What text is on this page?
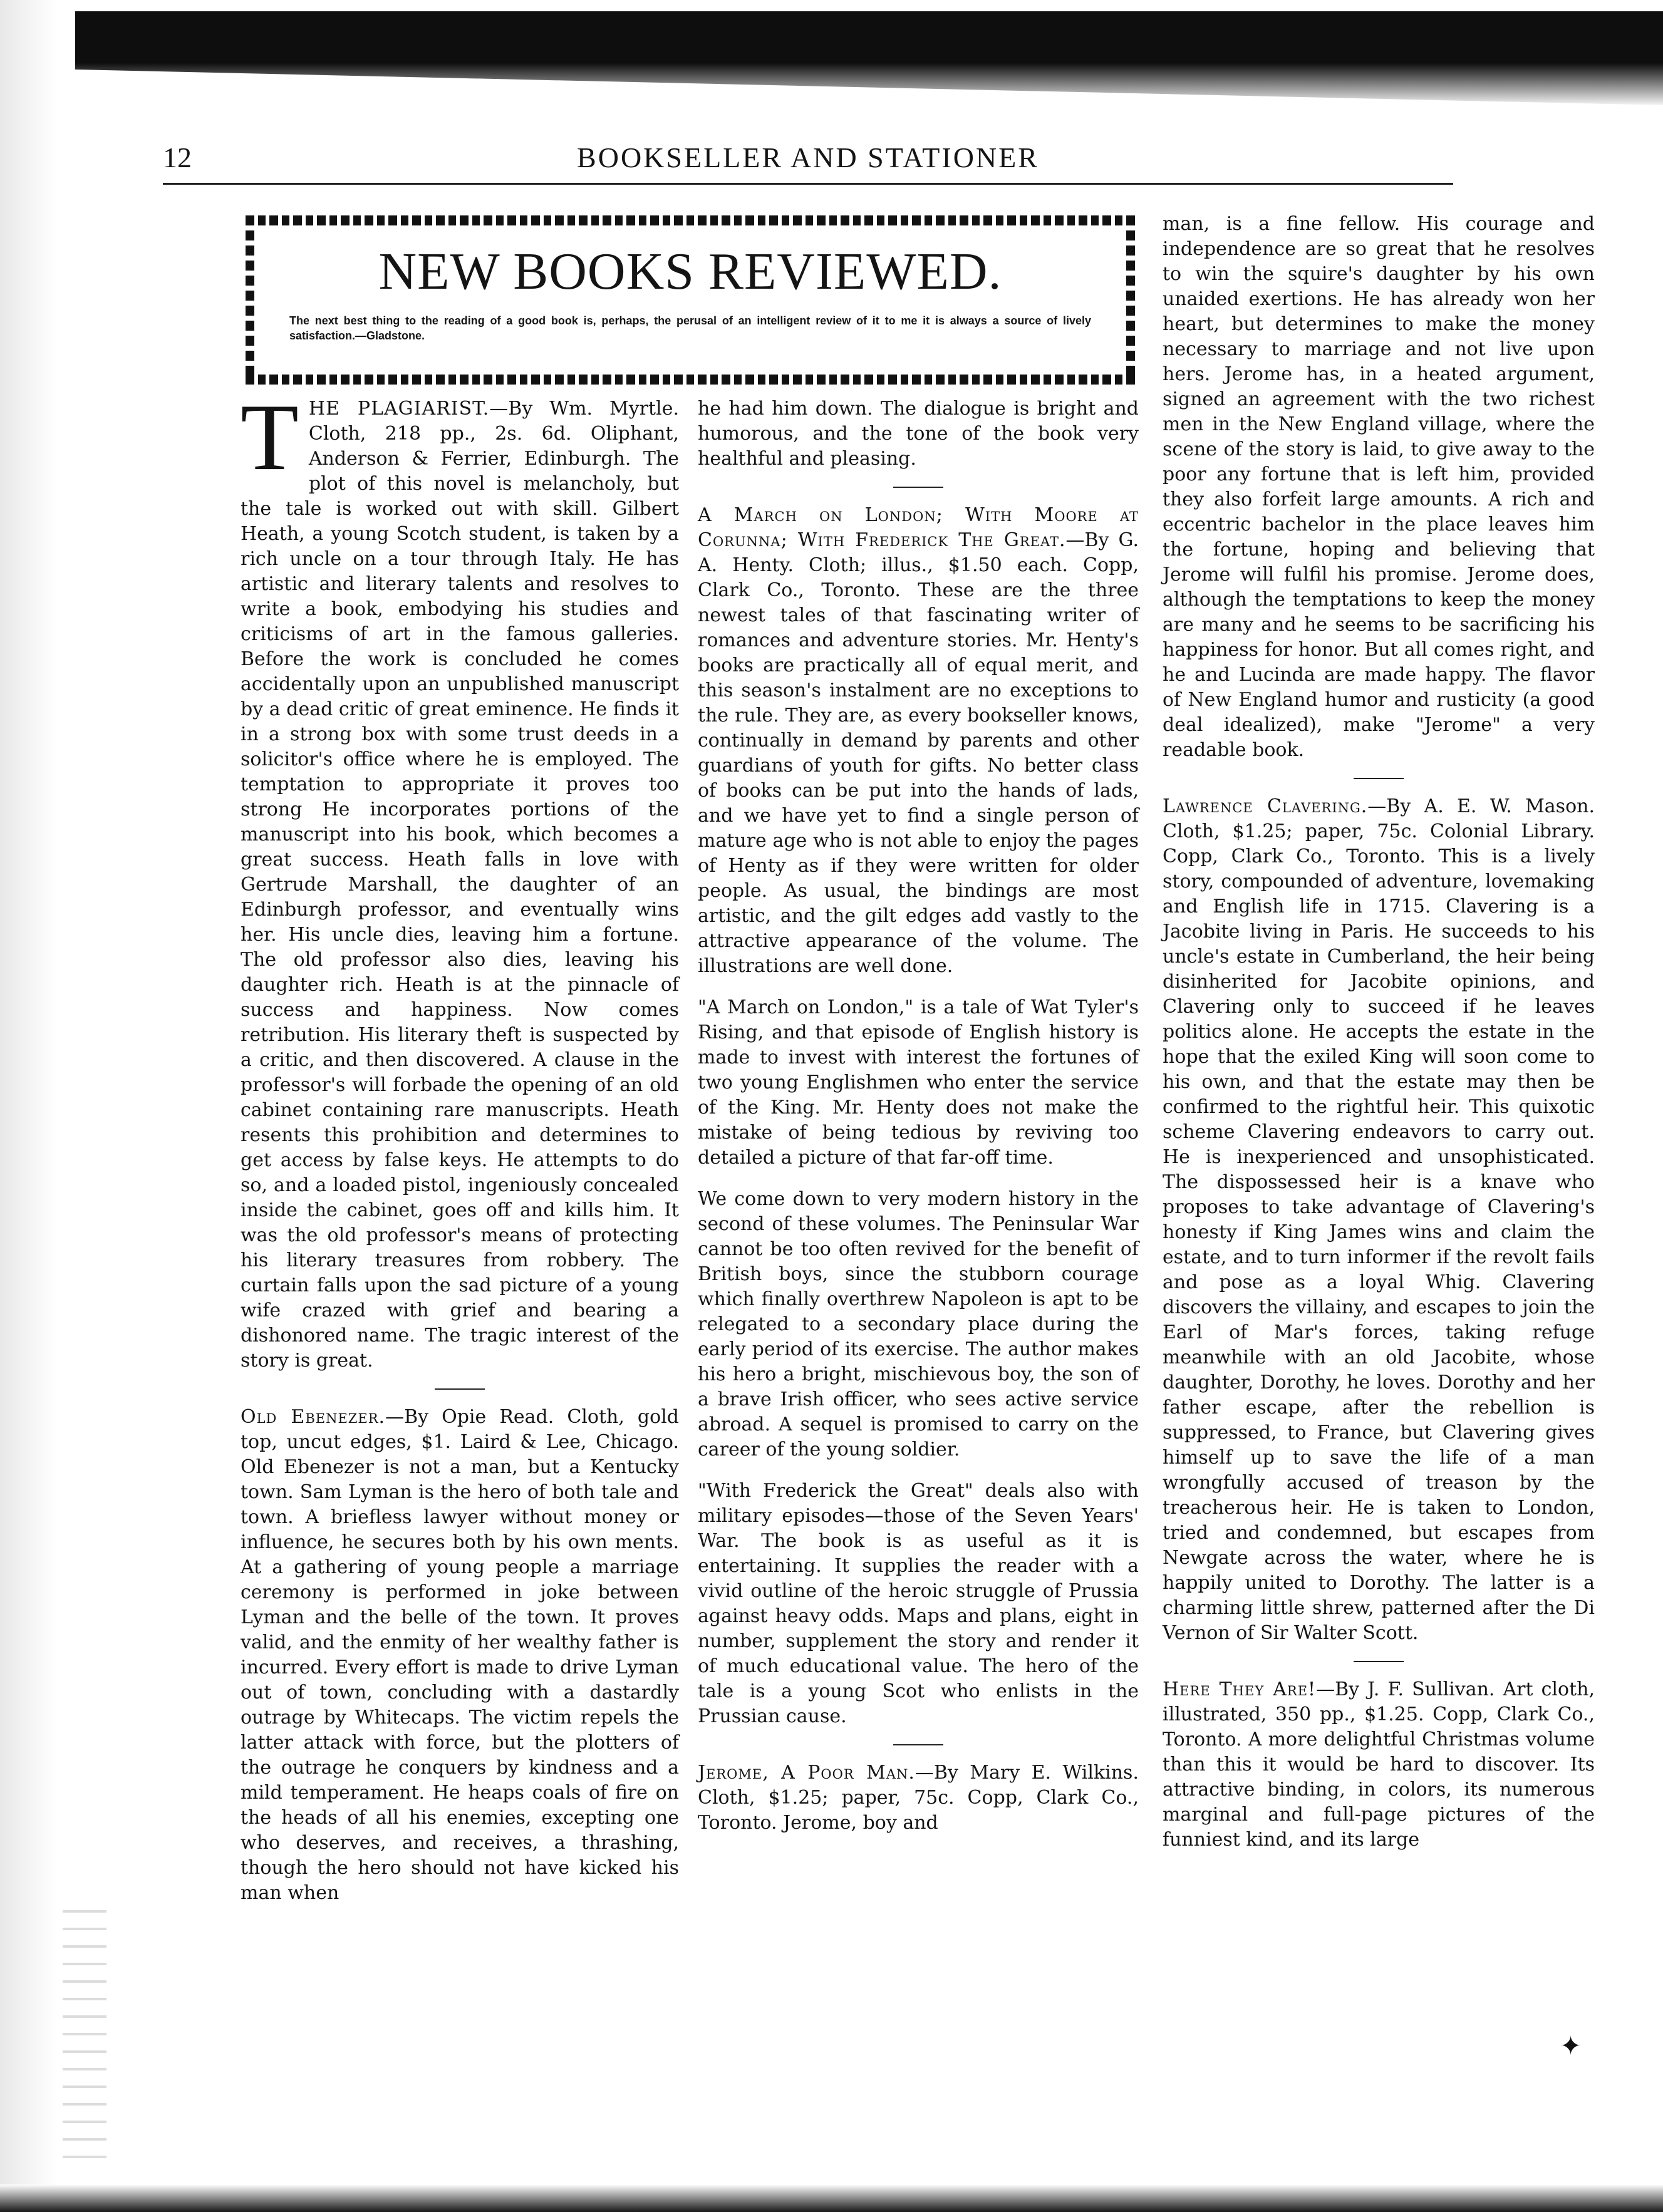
12	BOOKSELLER AND STATIONER
NEW BOOKS REVIEWED.
The next best thing to the reading of a good book is, perhaps, the perusal of an intelligent review of it to me it is always a source of lively satisfaction.—Gladstone.

THE PLAGIARIST.—By Wm. Myrtle. Cloth, 218 pp., 2s. 6d. Oliphant, Anderson & Ferrier, Edinburgh. The plot of this novel is melancholy, but the tale is worked out with skill. Gilbert Heath, a young Scotch student, is taken by a rich uncle on a tour through Italy. He has artistic and literary talents and resolves to write a book, embodying his studies and criticisms of art in the famous galleries. Before the work is concluded he comes accidentally upon an unpublished manuscript by a dead critic of great eminence. He finds it in a strong box with some trust deeds in a solicitor's office where he is employed. The temptation to appropriate it proves too strong He incorporates portions of the manuscript into his book, which becomes a great success. Heath falls in love with Gertrude Marshall, the daughter of an Edinburgh professor, and eventually wins her. His uncle dies, leaving him a fortune. The old professor also dies, leaving his daughter rich. Heath is at the pinnacle of success and happiness. Now comes retribution. His literary theft is suspected by a critic, and then discovered. A clause in the professor's will forbade the opening of an old cabinet containing rare manuscripts. Heath resents this prohibition and determines to get access by false keys. He attempts to do so, and a loaded pistol, ingeniously concealed inside the cabinet, goes off and kills him. It was the old professor's means of protecting his literary treasures from robbery. The curtain falls upon the sad picture of a young wife crazed with grief and bearing a dishonored name. The tragic interest of the story is great.

Old Ebenezer.—By Opie Read. Cloth, gold top, uncut edges, $1. Laird & Lee, Chicago. Old Ebenezer is not a man, but a Kentucky town. Sam Lyman is the hero of both tale and town. A briefless lawyer without money or influence, he secures both by his own ments. At a gathering of young people a marriage ceremony is performed in joke between Lyman and the belle of the town. It proves valid, and the enmity of her wealthy father is incurred. Every effort is made to drive Lyman out of town, concluding with a dastardly outrage by Whitecaps. The victim repels the latter attack with force, but the plotters of the outrage he conquers by kindness and a mild temperament. He heaps coals of fire on the heads of all his enemies, excepting one who deserves, and receives, a thrashing, though the hero should not have kicked his man when

he had him down. The dialogue is bright and humorous, and the tone of the book very healthful and pleasing.

A March on London; With Moore at Corunna; With Frederick The Great.—By G. A. Henty. Cloth; illus., $1.50 each. Copp, Clark Co., Toronto. These are the three newest tales of that fascinating writer of romances and adventure stories. Mr. Henty's books are practically all of equal merit, and this season's instalment are no exceptions to the rule. They are, as every bookseller knows, continually in demand by parents and other guardians of youth for gifts. No better class of books can be put into the hands of lads, and we have yet to find a single person of mature age who is not able to enjoy the pages of Henty as if they were written for older people. As usual, the bindings are most artistic, and the gilt edges add vastly to the attractive appearance of the volume. The illustrations are well done.

"A March on London," is a tale of Wat Tyler's Rising, and that episode of English history is made to invest with interest the fortunes of two young Englishmen who enter the service of the King. Mr. Henty does not make the mistake of being tedious by reviving too detailed a picture of that far-off time.

We come down to very modern history in the second of these volumes. The Peninsular War cannot be too often revived for the benefit of British boys, since the stubborn courage which finally overthrew Napoleon is apt to be relegated to a secondary place during the early period of its exercise. The author makes his hero a bright, mischievous boy, the son of a brave Irish officer, who sees active service abroad. A sequel is promised to carry on the career of the young soldier.

"With Frederick the Great" deals also with military episodes—those of the Seven Years' War. The book is as useful as it is entertaining. It supplies the reader with a vivid outline of the heroic struggle of Prussia against heavy odds. Maps and plans, eight in number, supplement the story and render it of much educational value. The hero of the tale is a young Scot who enlists in the Prussian cause.

Jerome, A Poor Man.—By Mary E. Wilkins. Cloth, $1.25; paper, 75c. Copp, Clark Co., Toronto. Jerome, boy and

man, is a fine fellow. His courage and independence are so great that he resolves to win the squire's daughter by his own unaided exertions. He has already won her heart, but determines to make the money necessary to marriage and not live upon hers. Jerome has, in a heated argument, signed an agreement with the two richest men in the New England village, where the scene of the story is laid, to give away to the poor any fortune that is left him, provided they also forfeit large amounts. A rich and eccentric bachelor in the place leaves him the fortune, hoping and believing that Jerome will fulfil his promise. Jerome does, although the temptations to keep the money are many and he seems to be sacrificing his happiness for honor. But all comes right, and he and Lucinda are made happy. The flavor of New England humor and rusticity (a good deal idealized), make "Jerome" a very readable book.

Lawrence Clavering.—By A. E. W. Mason. Cloth, $1.25; paper, 75c. Colonial Library. Copp, Clark Co., Toronto. This is a lively story, compounded of adventure, lovemaking and English life in 1715. Clavering is a Jacobite living in Paris. He succeeds to his uncle's estate in Cumberland, the heir being disinherited for Jacobite opinions, and Clavering only to succeed if he leaves politics alone. He accepts the estate in the hope that the exiled King will soon come to his own, and that the estate may then be confirmed to the rightful heir. This quixotic scheme Clavering endeavors to carry out. He is inexperienced and unsophisticated. The dispossessed heir is a knave who proposes to take advantage of Clavering's honesty if King James wins and claim the estate, and to turn informer if the revolt fails and pose as a loyal Whig. Clavering discovers the villainy, and escapes to join the Earl of Mar's forces, taking refuge meanwhile with an old Jacobite, whose daughter, Dorothy, he loves. Dorothy and her father escape, after the rebellion is suppressed, to France, but Clavering gives himself up to save the life of a man wrongfully accused of treason by the treacherous heir. He is taken to London, tried and condemned, but escapes from Newgate across the water, where he is happily united to Dorothy. The latter is a charming little shrew, patterned after the Di Vernon of Sir Walter Scott.

Here They Are!—By J. F. Sullivan. Art cloth, illustrated, 350 pp., $1.25. Copp, Clark Co., Toronto. A more delightful Christmas volume than this it would be hard to discover. Its attractive binding, in colors, its numerous marginal and full-page pictures of the funniest kind, and its large

✦
